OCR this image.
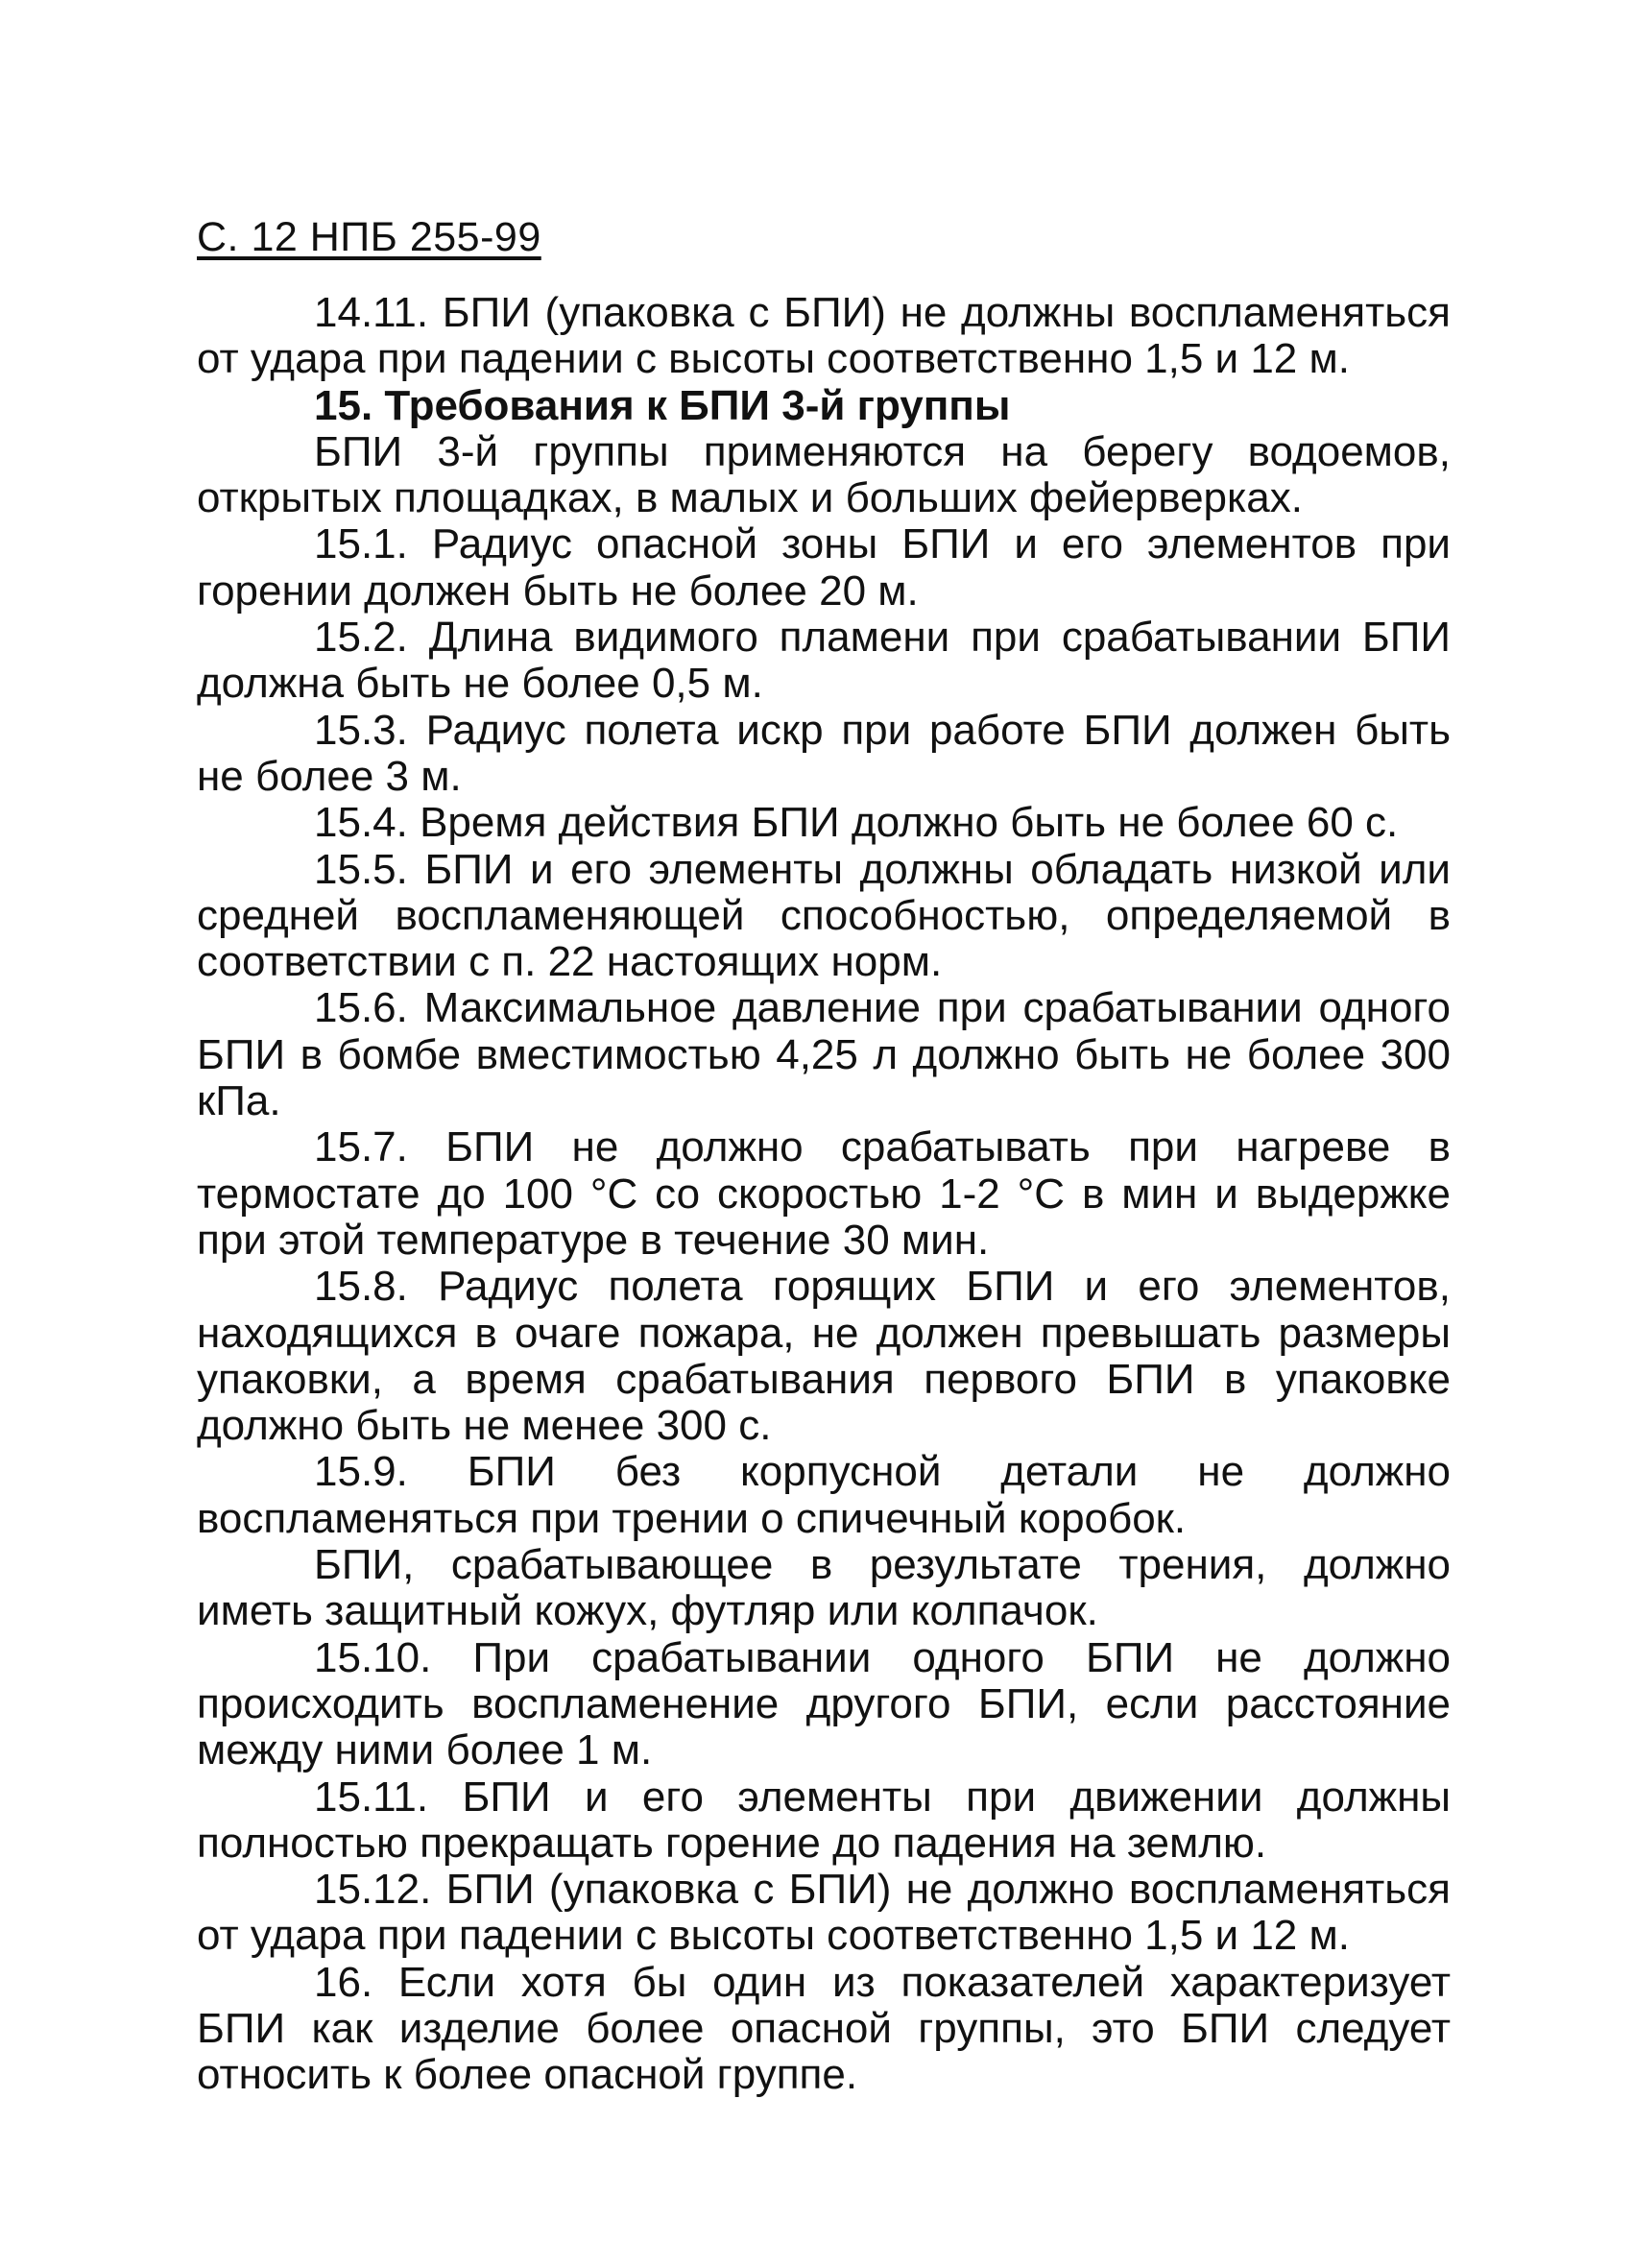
С. 12 НПБ 255-99

14.11. БПИ (упаковка с БПИ) не должны воспламеняться от удара при падении с высоты соответственно 1,5 и 12 м.

15. Требования к БПИ 3-й группы

БПИ 3-й группы применяются на берегу водоемов, открытых площадках, в малых и больших фейерверках.

15.1. Радиус опасной зоны БПИ и его элементов при горении должен быть не более 20 м.

15.2. Длина видимого пламени при срабатывании БПИ должна быть не более 0,5 м.

15.3. Радиус полета искр при работе БПИ должен быть не более 3 м.

15.4. Время действия БПИ должно быть не более 60 с.

15.5. БПИ и его элементы должны обладать низкой или средней воспламеняющей способностью, определяемой в соответствии с п. 22 настоящих норм.

15.6. Максимальное давление при срабатывании одного БПИ в бомбе вместимостью 4,25 л должно быть не более 300 кПа.

15.7. БПИ не должно срабатывать при нагреве в термостате до 100 °С со скоростью 1-2 °С в мин и выдержке при этой температуре в течение 30 мин.

15.8. Радиус полета горящих БПИ и его элементов, находящихся в очаге пожара, не должен превышать размеры упаковки, а время срабатывания первого БПИ в упаковке должно быть не менее 300 с.

15.9. БПИ без корпусной детали не должно воспламеняться при трении о спичечный коробок.

БПИ, срабатывающее в результате трения, должно иметь защитный кожух, футляр или колпачок.

15.10. При срабатывании одного БПИ не должно происходить воспламенение другого БПИ, если расстояние между ними более 1 м.

15.11. БПИ и его элементы при движении должны полностью прекращать горение до падения на землю.

15.12. БПИ (упаковка с БПИ) не должно воспламеняться от удара при падении с высоты соответственно 1,5 и 12 м.

16. Если хотя бы один из показателей характеризует БПИ как изделие более опасной группы, это БПИ следует относить к более опасной группе.
